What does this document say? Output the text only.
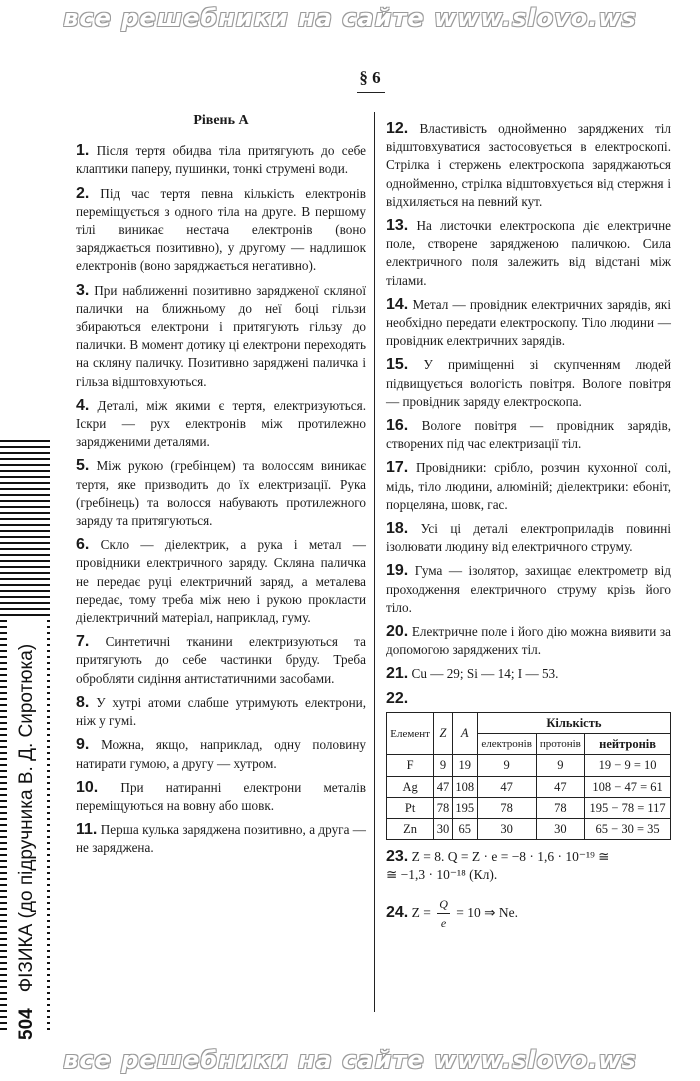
все решебники на сайте www.slovo.ws
§ 6
Рівень А
1. Після тертя обидва тіла притягують до себе клаптики паперу, пушинки, тонкі струмені води.
2. Під час тертя певна кількість електронів переміщується з одного тіла на друге. В першому тілі виникає нестача електронів (воно заряджається позитивно), у другому — надлишок електронів (воно заряджається негативно).
3. При наближенні позитивно зарядженої скляної палички на ближньому до неї боці гільзи збираються електрони і притягують гільзу до палички. В момент дотику ці електрони переходять на скляну паличку. Позитивно заряджені паличка і гільза відштовхуються.
4. Деталі, між якими є тертя, електризуються. Іскри — рух електронів між протилежно зарядженими деталями.
5. Між рукою (гребінцем) та волоссям виникає тертя, яке призводить до їх електризації. Рука (гребінець) та волосся набувають протилежного заряду та притягуються.
6. Скло — діелектрик, а рука і метал — провідники електричного заряду. Скляна паличка не передає руці електричний заряд, а металева передає, тому треба між нею і рукою прокласти діелектричний матеріал, наприклад, гуму.
7. Синтетичні тканини електризуються та притягують до себе частинки бруду. Треба обробляти сидіння антистатичними засобами.
8. У хутрі атоми слабше утримують електрони, ніж у гумі.
9. Можна, якщо, наприклад, одну половину натирати гумою, а другу — хутром.
10. При натиранні електрони металів переміщуються на вовну або шовк.
11. Перша кулька заряджена позитивно, а друга — не заряджена.
12. Властивість однойменно заряджених тіл відштовхуватися застосовується в електроскопі. Стрілка і стержень електроскопа заряджаються однойменно, стрілка відштовхується від стержня і відхиляється на певний кут.
13. На листочки електроскопа діє електричне поле, створене зарядженою паличкою. Сила електричного поля залежить від відстані між тілами.
14. Метал — провідник електричних зарядів, які необхідно передати електроскопу. Тіло людини — провідник електричних зарядів.
15. У приміщенні зі скупченням людей підвищується вологість повітря. Вологе повітря — провідник заряду електроскопа.
16. Вологе повітря — провідник зарядів, створених під час електризації тіл.
17. Провідники: срібло, розчин кухонної солі, мідь, тіло людини, алюміній; діелектрики: ебоніт, порцеляна, шовк, гас.
18. Усі ці деталі електроприладів повинні ізолювати людину від електричного струму.
19. Гума — ізолятор, захищає електрометр від проходження електричного струму крізь його тіло.
20. Електричне поле і його дію можна виявити за допомогою заряджених тіл.
21. Cu — 29; Si — 14; I — 53.
22.
Елемент	Z	A	Кількість		
			електронів	протонів	нейтронів
F	9	19	9	9	19 − 9 = 10
Ag	47	108	47	47	108 − 47 = 61
Pt	78	195	78	78	195 − 78 = 117
Zn	30	65	30	30	65 − 30 = 35
23. Z = 8. Q = Z · e = −8 · 1,6 · 10⁻¹⁹ ≅
≅ −1,3 · 10⁻¹⁸ (Кл).
24. $Z = \frac{Q}{e} = 10$ ⇒ Ne.
504ФІЗИКА (до підручника В. Д. Сиротюка)
все решебники на сайте www.slovo.ws
